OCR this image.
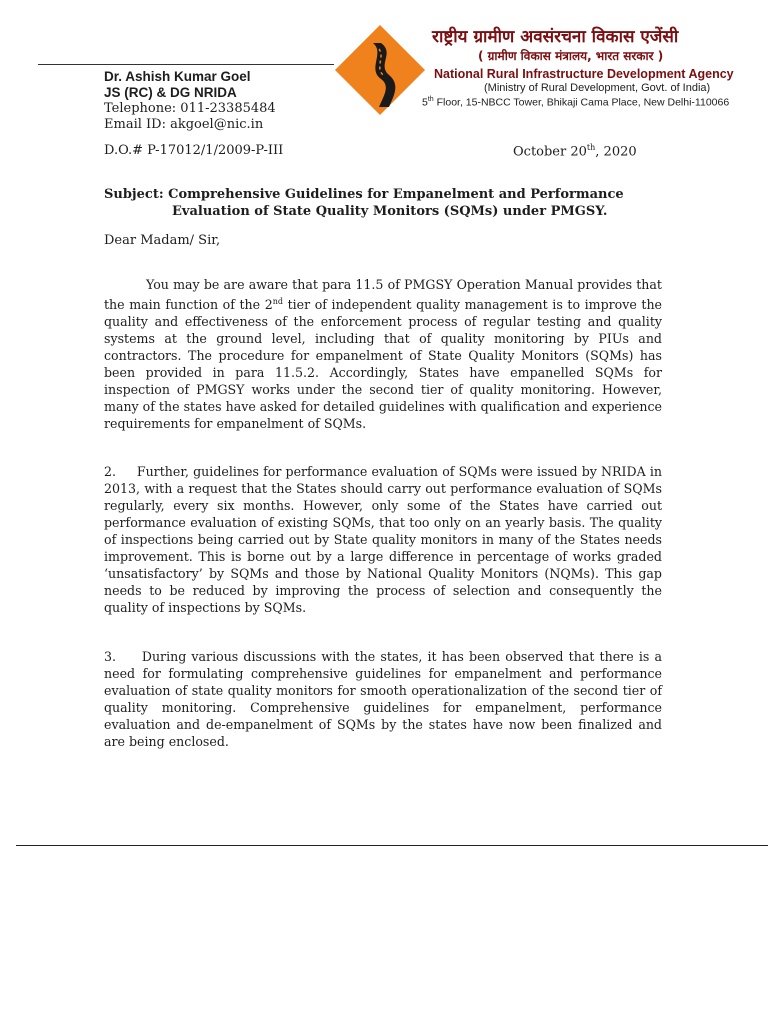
राष्ट्रीय ग्रामीण अवसंरचना विकास एजेंसी
( ग्रामीण विकास मंत्रालय, भारत सरकार )
National Rural Infrastructure Development Agency
(Ministry of Rural Development, Govt. of India)
5th Floor, 15-NBCC Tower, Bhikaji Cama Place, New Delhi-110066
Dr. Ashish Kumar Goel
JS (RC) & DG NRIDA
Telephone: 011-23385484
Email ID: akgoel@nic.in
D.O.# P-17012/1/2009-P-III	October 20th, 2020
Subject: Comprehensive Guidelines for Empanelment and Performance
Evaluation of State Quality Monitors (SQMs) under PMGSY.
Dear Madam/ Sir,
You may be are aware that para 11.5 of PMGSY Operation Manual provides that the main function of the 2nd tier of independent quality management is to improve the quality and effectiveness of the enforcement process of regular testing and quality systems at the ground level, including that of quality monitoring by PIUs and contractors. The procedure for empanelment of State Quality Monitors (SQMs) has been provided in para 11.5.2. Accordingly, States have empanelled SQMs for inspection of PMGSY works under the second tier of quality monitoring. However, many of the states have asked for detailed guidelines with qualification and experience requirements for empanelment of SQMs.
2.     Further, guidelines for performance evaluation of SQMs were issued by NRIDA in 2013, with a request that the States should carry out performance evaluation of SQMs regularly, every six months. However, only some of the States have carried out performance evaluation of existing SQMs, that too only on an yearly basis. The quality of inspections being carried out by State quality monitors in many of the States needs improvement. This is borne out by a large difference in percentage of works graded ‘unsatisfactory’ by SQMs and those by National Quality Monitors (NQMs). This gap needs to be reduced by improving the process of selection and consequently the quality of inspections by SQMs.
3.     During various discussions with the states, it has been observed that there is a need for formulating comprehensive guidelines for empanelment and performance evaluation of state quality monitors for smooth operationalization of the second tier of quality monitoring. Comprehensive guidelines for empanelment, performance evaluation and de-empanelment of SQMs by the states have now been finalized and are being enclosed.
